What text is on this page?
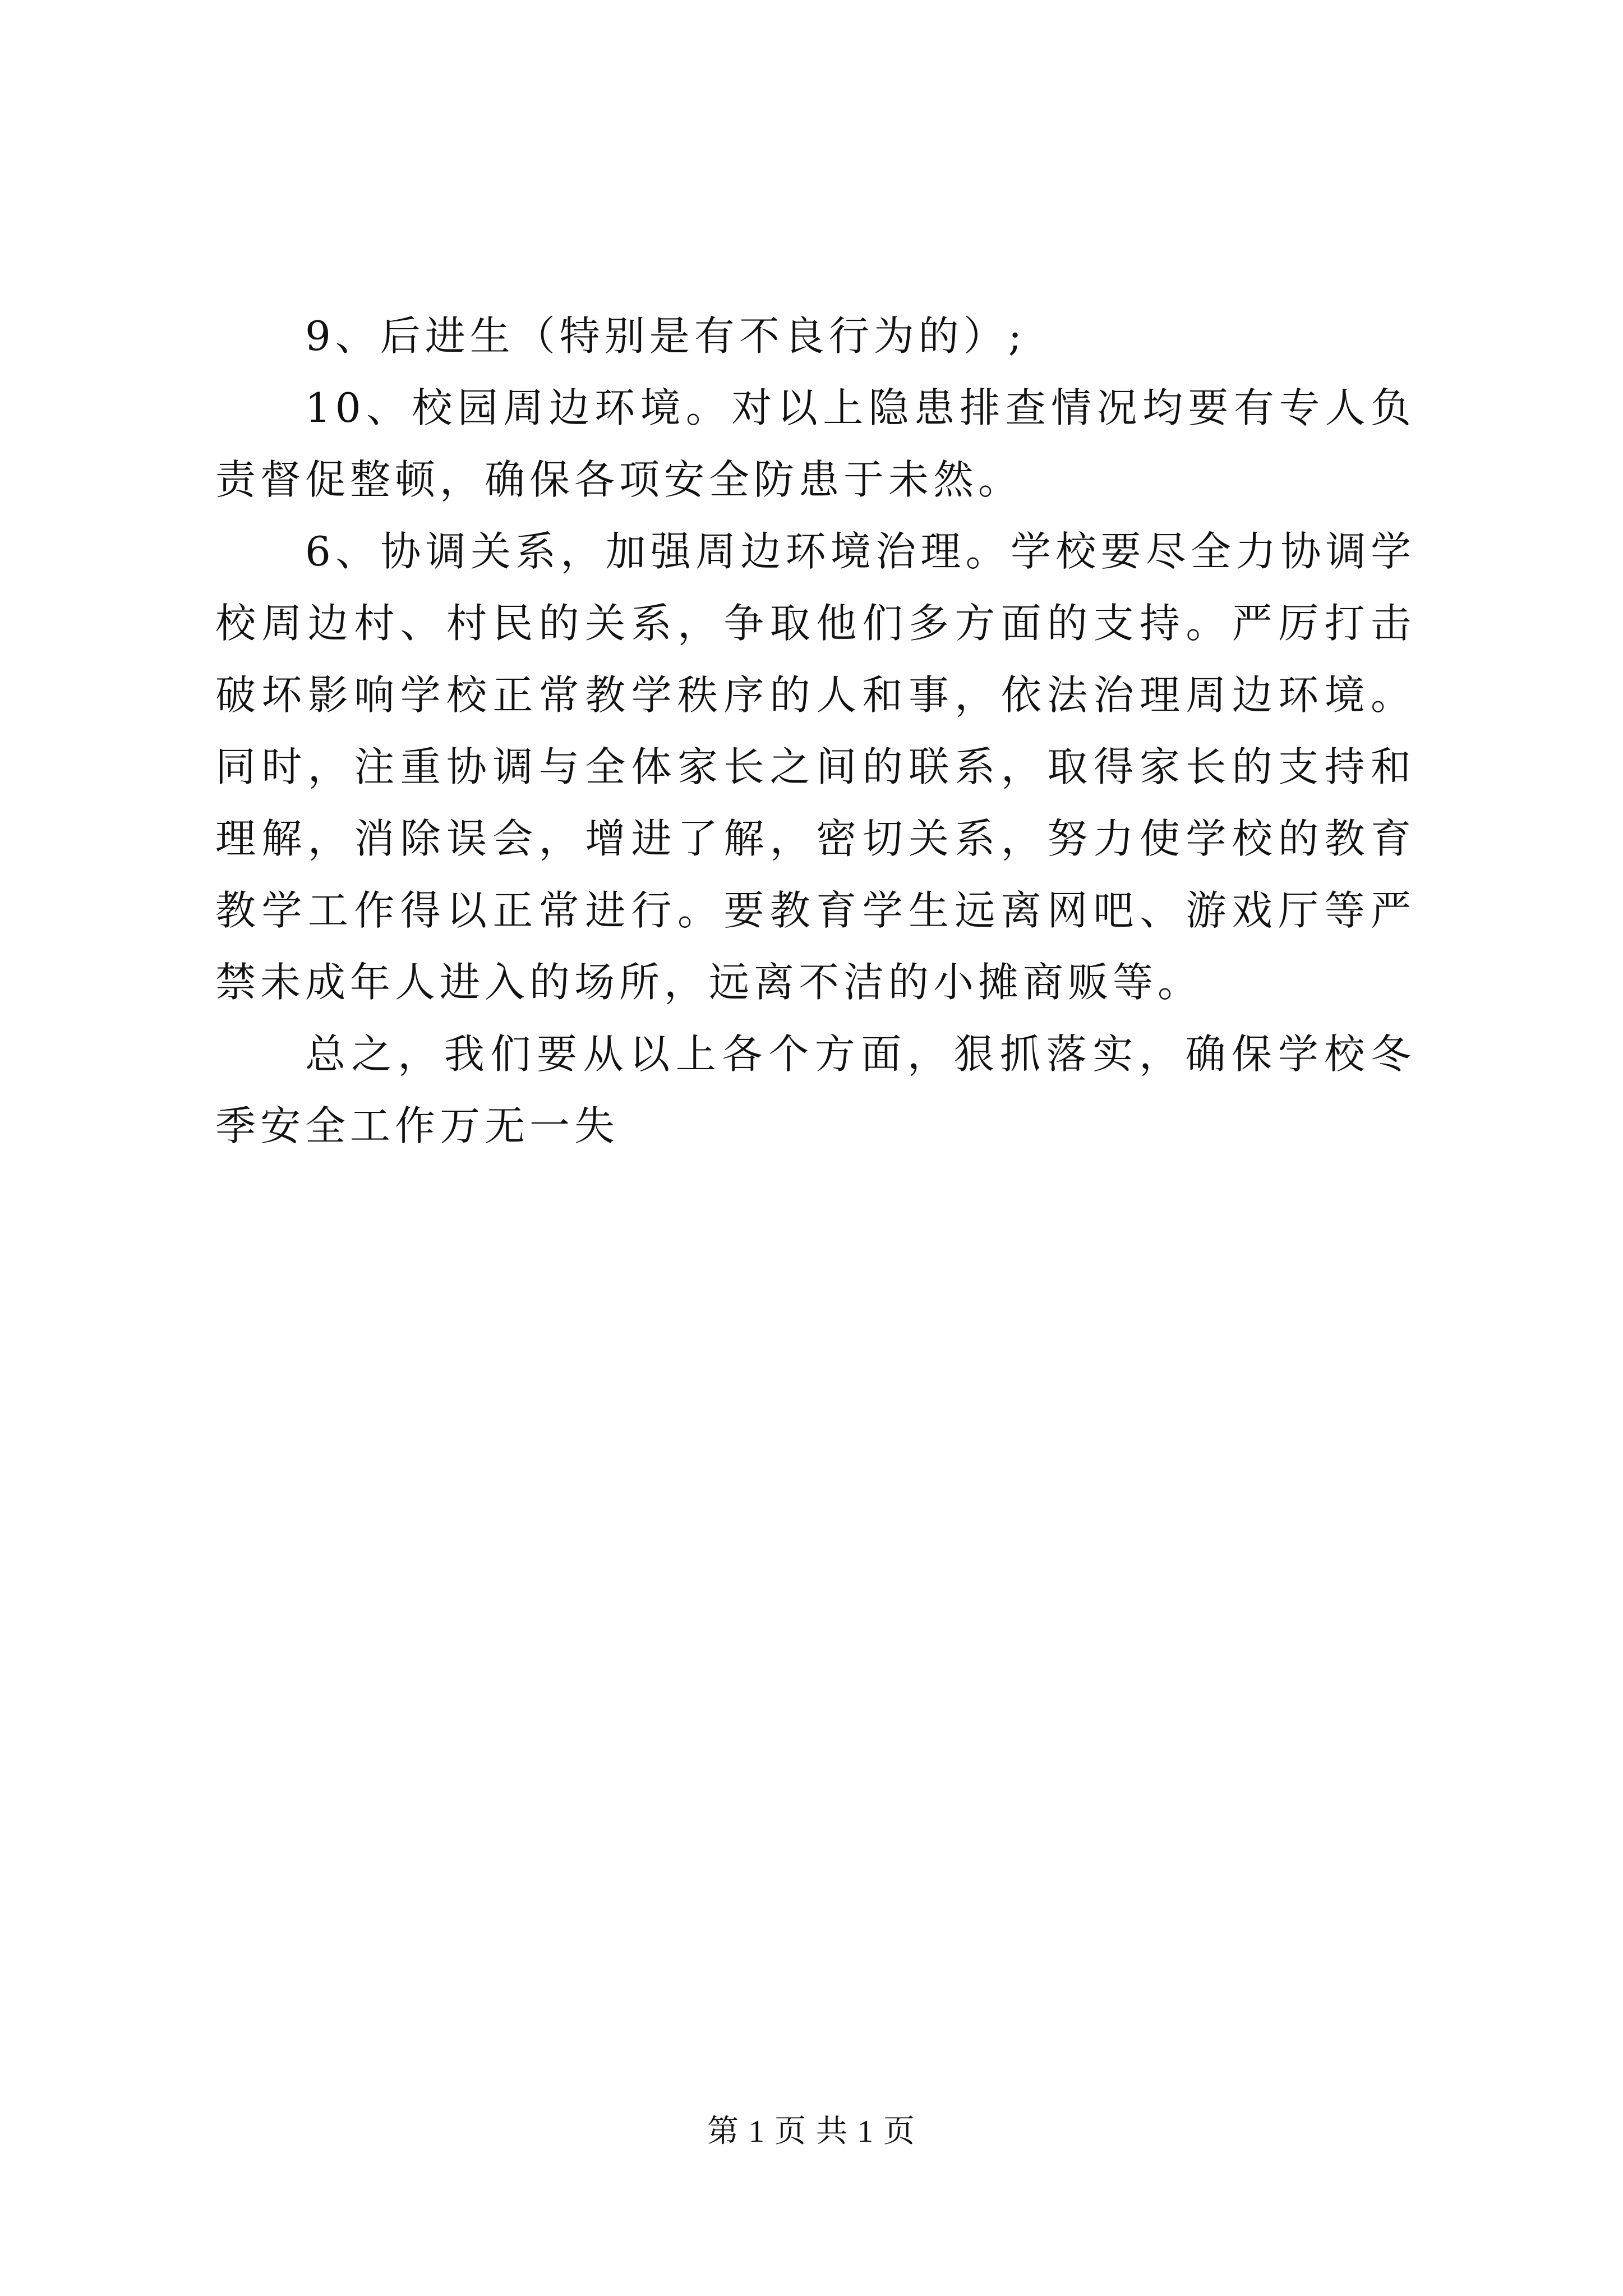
9、后进生（特别是有不良行为的）;

10、校园周边环境。对以上隐患排查情况均要有专人负责督促整顿，确保各项安全防患于未然。

6、协调关系，加强周边环境治理。学校要尽全力协调学校周边村、村民的关系，争取他们多方面的支持。严厉打击破坏影响学校正常教学秩序的人和事，依法治理周边环境。同时，注重协调与全体家长之间的联系，取得家长的支持和理解，消除误会，增进了解，密切关系，努力使学校的教育教学工作得以正常进行。要教育学生远离网吧、游戏厅等严禁未成年人进入的场所，远离不洁的小摊商贩等。

总之，我们要从以上各个方面，狠抓落实，确保学校冬季安全工作万无一失

第 1 页 共 1 页
